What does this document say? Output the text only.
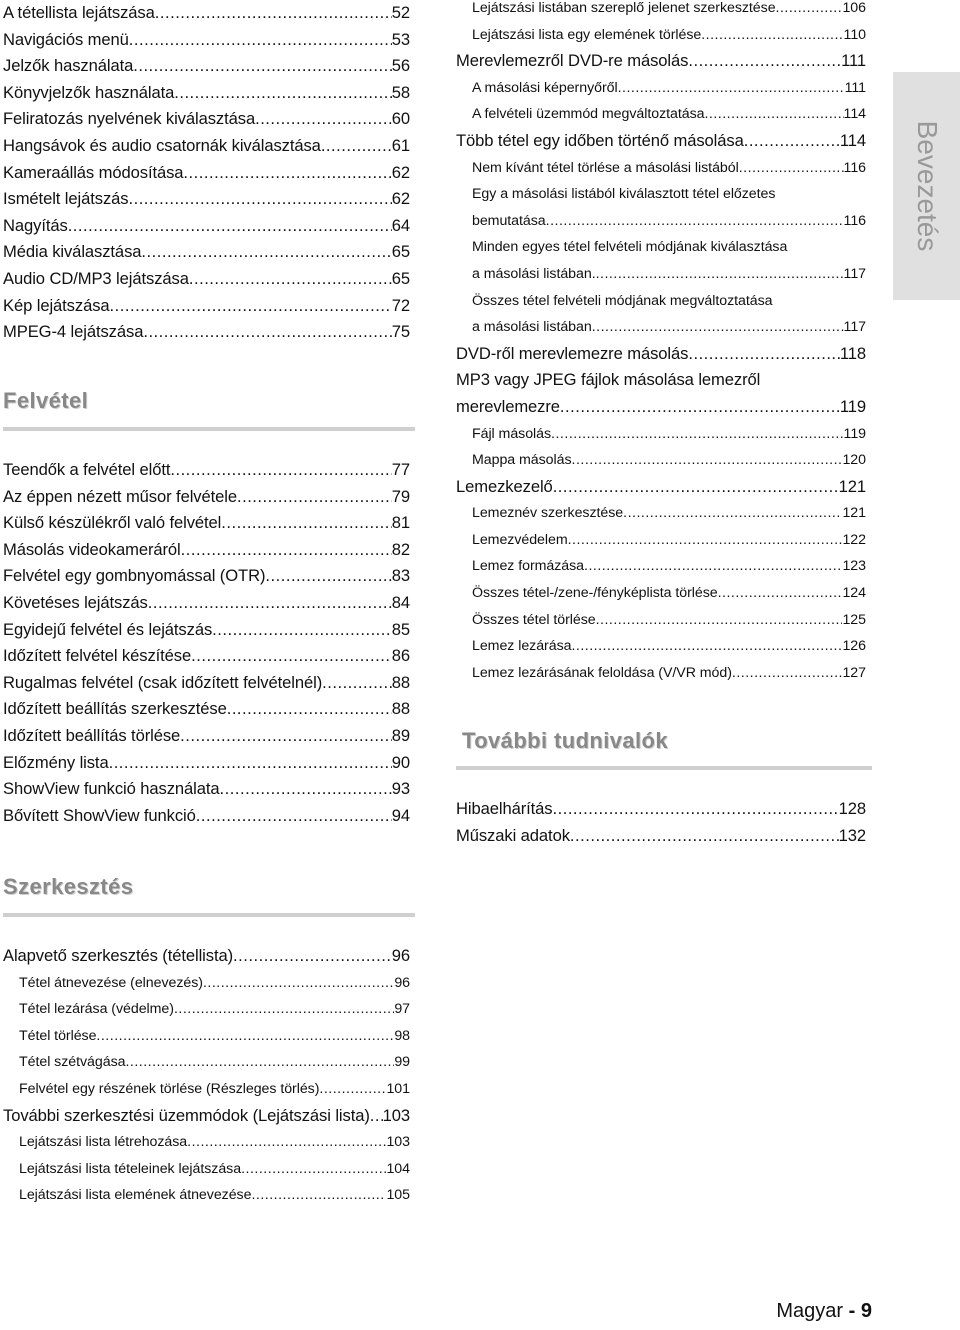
A tétellista lejátszása .....	52
Navigációs menü .....	53
Jelzők használata .....	56
Könyvjelzők használata .....	58
Feliratozás nyelvének kiválasztása .....	60
Hangsávok és audio csatornák kiválasztása .....	61
Kameraállás módosítása .....	62
Ismételt lejátszás .....	62
Nagyítás .....	64
Média kiválasztása .....	65
Audio CD/MP3 lejátszása .....	65
Kép lejátszása .....	72
MPEG-4 lejátszása .....	75
Felvétel
Teendők a felvétel előtt .....	77
Az éppen nézett műsor felvétele .....	79
Külső készülékről való felvétel .....	81
Másolás videokameráról .....	82
Felvétel egy gombnyomással (OTR) .....	83
Követéses lejátszás .....	84
Egyidejű felvétel és lejátszás .....	85
Időzített felvétel készítése .....	86
Rugalmas felvétel (csak időzített felvételnél) .....	88
Időzített beállítás szerkesztése .....	88
Időzített beállítás törlése .....	89
Előzmény lista .....	90
ShowView funkció használata .....	93
Bővített ShowView funkció .....	94
Szerkesztés
Alapvető szerkesztés (tétellista) .....	96
Tétel átnevezése (elnevezés) .....	96
Tétel lezárása (védelme) .....	97
Tétel törlése .....	98
Tétel szétvágása .....	99
Felvétel egy részének törlése (Részleges törlés) .....	101
További szerkesztési üzemmódok (Lejátszási lista) ..... 103
Lejátszási lista létrehozása .....	103
Lejátszási lista tételeinek lejátszása .....	104
Lejátszási lista elemének átnevezése .....	105
Lejátszási listában szereplő jelenet szerkesztése .....	106
Lejátszási lista egy elemének törlése .....	110
Merevlemezről DVD-re másolás .....	111
A másolási képernyőről .....	111
A felvételi üzemmód megváltoztatása .....	114
Több tétel egy időben történő másolása .....	114
Nem kívánt tétel törlése a másolási listából .....	116
Egy a másolási listából kiválasztott tétel előzetes
bemutatása .....	116
Minden egyes tétel felvételi módjának kiválasztása
a másolási listában. .....	117
Összes tétel felvételi módjának megváltoztatása
a másolási listában .....	117
DVD-ről merevlemezre másolás .....	118
MP3 vagy JPEG fájlok másolása lemezről
merevlemezre .....	119
Fájl másolás .....	119
Mappa másolás .....	120
Lemezkezelő .....	121
Lemeznév szerkesztése .....	121
Lemezvédelem .....	122
Lemez formázása .....	123
Összes tétel-/zene-/fényképlista törlése .....	124
Összes tétel törlése .....	125
Lemez lezárása .....	126
Lemez lezárásának feloldása (V/VR mód) .....	127
További tudnivalók
Hibaelhárítás .....	128
Műszaki adatok .....	132
Bevezetés
Magyar - 9
